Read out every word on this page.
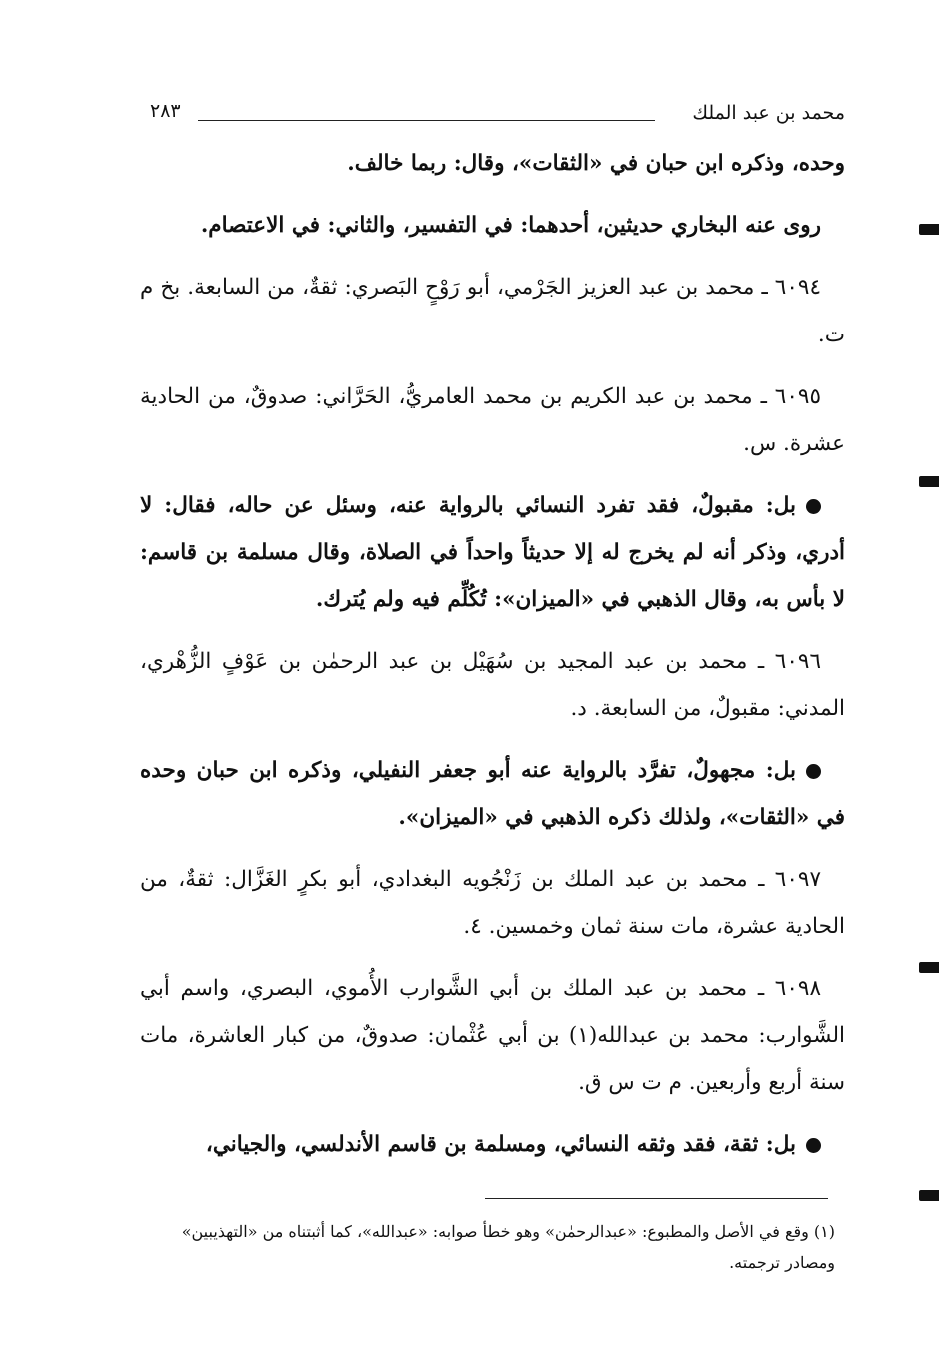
محمد بن عبد الملك
٢٨٣

وحده، وذكره ابن حبان في «الثقات»، وقال: ربما خالف.

روى عنه البخاري حديثين، أحدهما: في التفسير، والثاني: في الاعتصام.

٦٠٩٤ ـ محمد بن عبد العزيز الجَرْمي، أبو رَوْحٍ البَصري: ثقةٌ، من السابعة. بخ م ت.

٦٠٩٥ ـ محمد بن عبد الكريم بن محمد العامريُّ، الحَرَّاني: صدوقٌ، من الحادية عشرة. س.

بل: مقبولٌ، فقد تفرد النسائي بالرواية عنه، وسئل عن حاله، فقال: لا أدري، وذكر أنه لم يخرج له إلا حديثاً واحداً في الصلاة، وقال مسلمة بن قاسم: لا بأس به، وقال الذهبي في «الميزان»: تُكُلِّم فيه ولم يُترك.

٦٠٩٦ ـ محمد بن عبد المجيد بن سُهَيْل بن عبد الرحمٰن بن عَوْفٍ الزُّهْري، المدني: مقبولٌ، من السابعة. د.

بل: مجهولٌ، تفرَّد بالرواية عنه أبو جعفر النفيلي، وذكره ابن حبان وحده في «الثقات»، ولذلك ذكره الذهبي في «الميزان».

٦٠٩٧ ـ محمد بن عبد الملك بن زَنْجُويه البغدادي، أبو بكرٍ الغَزَّال: ثقةٌ، من الحادية عشرة، مات سنة ثمان وخمسين. ٤.

٦٠٩٨ ـ محمد بن عبد الملك بن أبي الشَّوارب الأُموي، البصري، واسم أبي الشَّوارب: محمد بن عبدالله(١) بن أبي عُثْمان: صدوقٌ، من كبار العاشرة، مات سنة أربع وأربعين. م ت س ق.

بل: ثقة، فقد وثقه النسائي، ومسلمة بن قاسم الأندلسي، والجياني،

(١) وقع في الأصل والمطبوع: «عبدالرحمٰن» وهو خطأ صوابه: «عبدالله»، كما أثبتناه من «التهذيبين» ومصادر ترجمته.
